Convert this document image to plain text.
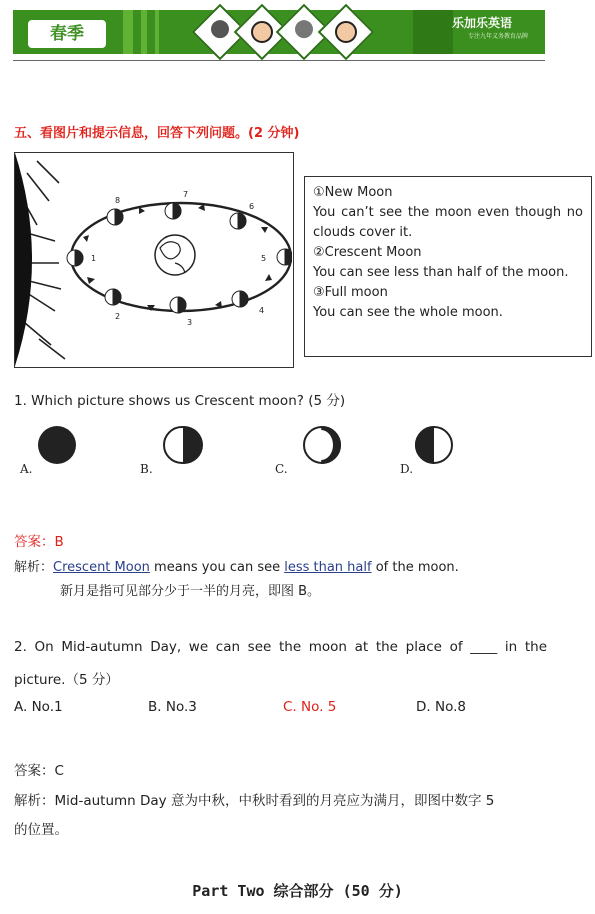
春季
乐加乐英语
专注九年义务教育品牌
五、看图片和提示信息，回答下列问题。(2 分钟)
1
2
3
4
5
6
7
8

①New Moon

You can’t see the moon even though no clouds cover it.

②Crescent Moon

You can see less than half of the moon.

③Full moon

You can see the whole moon.

1. Which picture shows us Crescent moon? (5 分)
A.	B.	C.	D.
答案：B
解析：Crescent Moon means you can see less than half of the moon.
新月是指可见部分少于一半的月亮，即图 B。
2. On Mid-autumn Day, we can see the moon at the place of ____ in the
picture.（5 分）
A. No.1	B. No.3	C. No. 5	D. No.8
答案：C
解析：Mid-autumn Day 意为中秋，中秋时看到的月亮应为满月，即图中数字 5
的位置。
Part Two 综合部分 (50 分)
